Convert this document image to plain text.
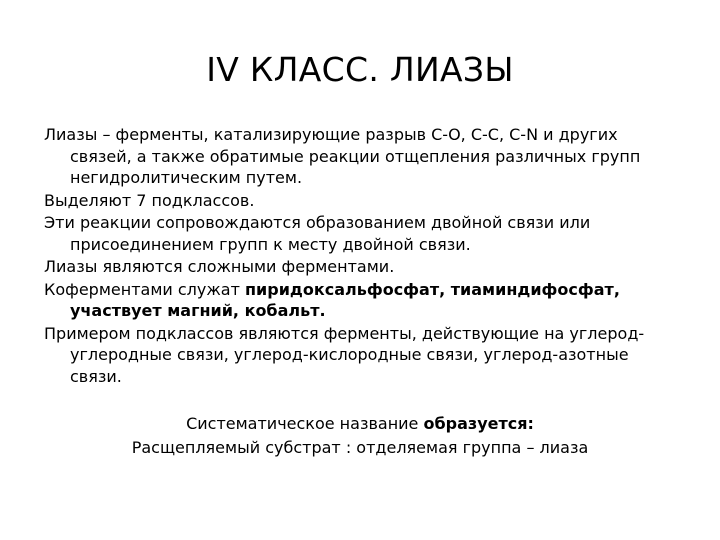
IV КЛАСС. ЛИАЗЫ

Лиазы – ферменты, катализирующие разрыв С-О, С-С, С-N и других связей, а также обратимые реакции отщепления различных групп негидролитическим путем.

Выделяют 7 подклассов.

Эти реакции сопровождаются образованием двойной связи или присоединением групп к месту двойной связи.

Лиазы являются сложными ферментами.

Коферментами служат пиридоксальфосфат, тиаминдифосфат, участвует магний, кобальт.

Примером подклассов являются ферменты, действующие на углерод-углеродные связи, углерод-кислородные связи, углерод-азотные связи.

Систематическое название образуется:
Расщепляемый субстрат : отделяемая группа – лиаза
